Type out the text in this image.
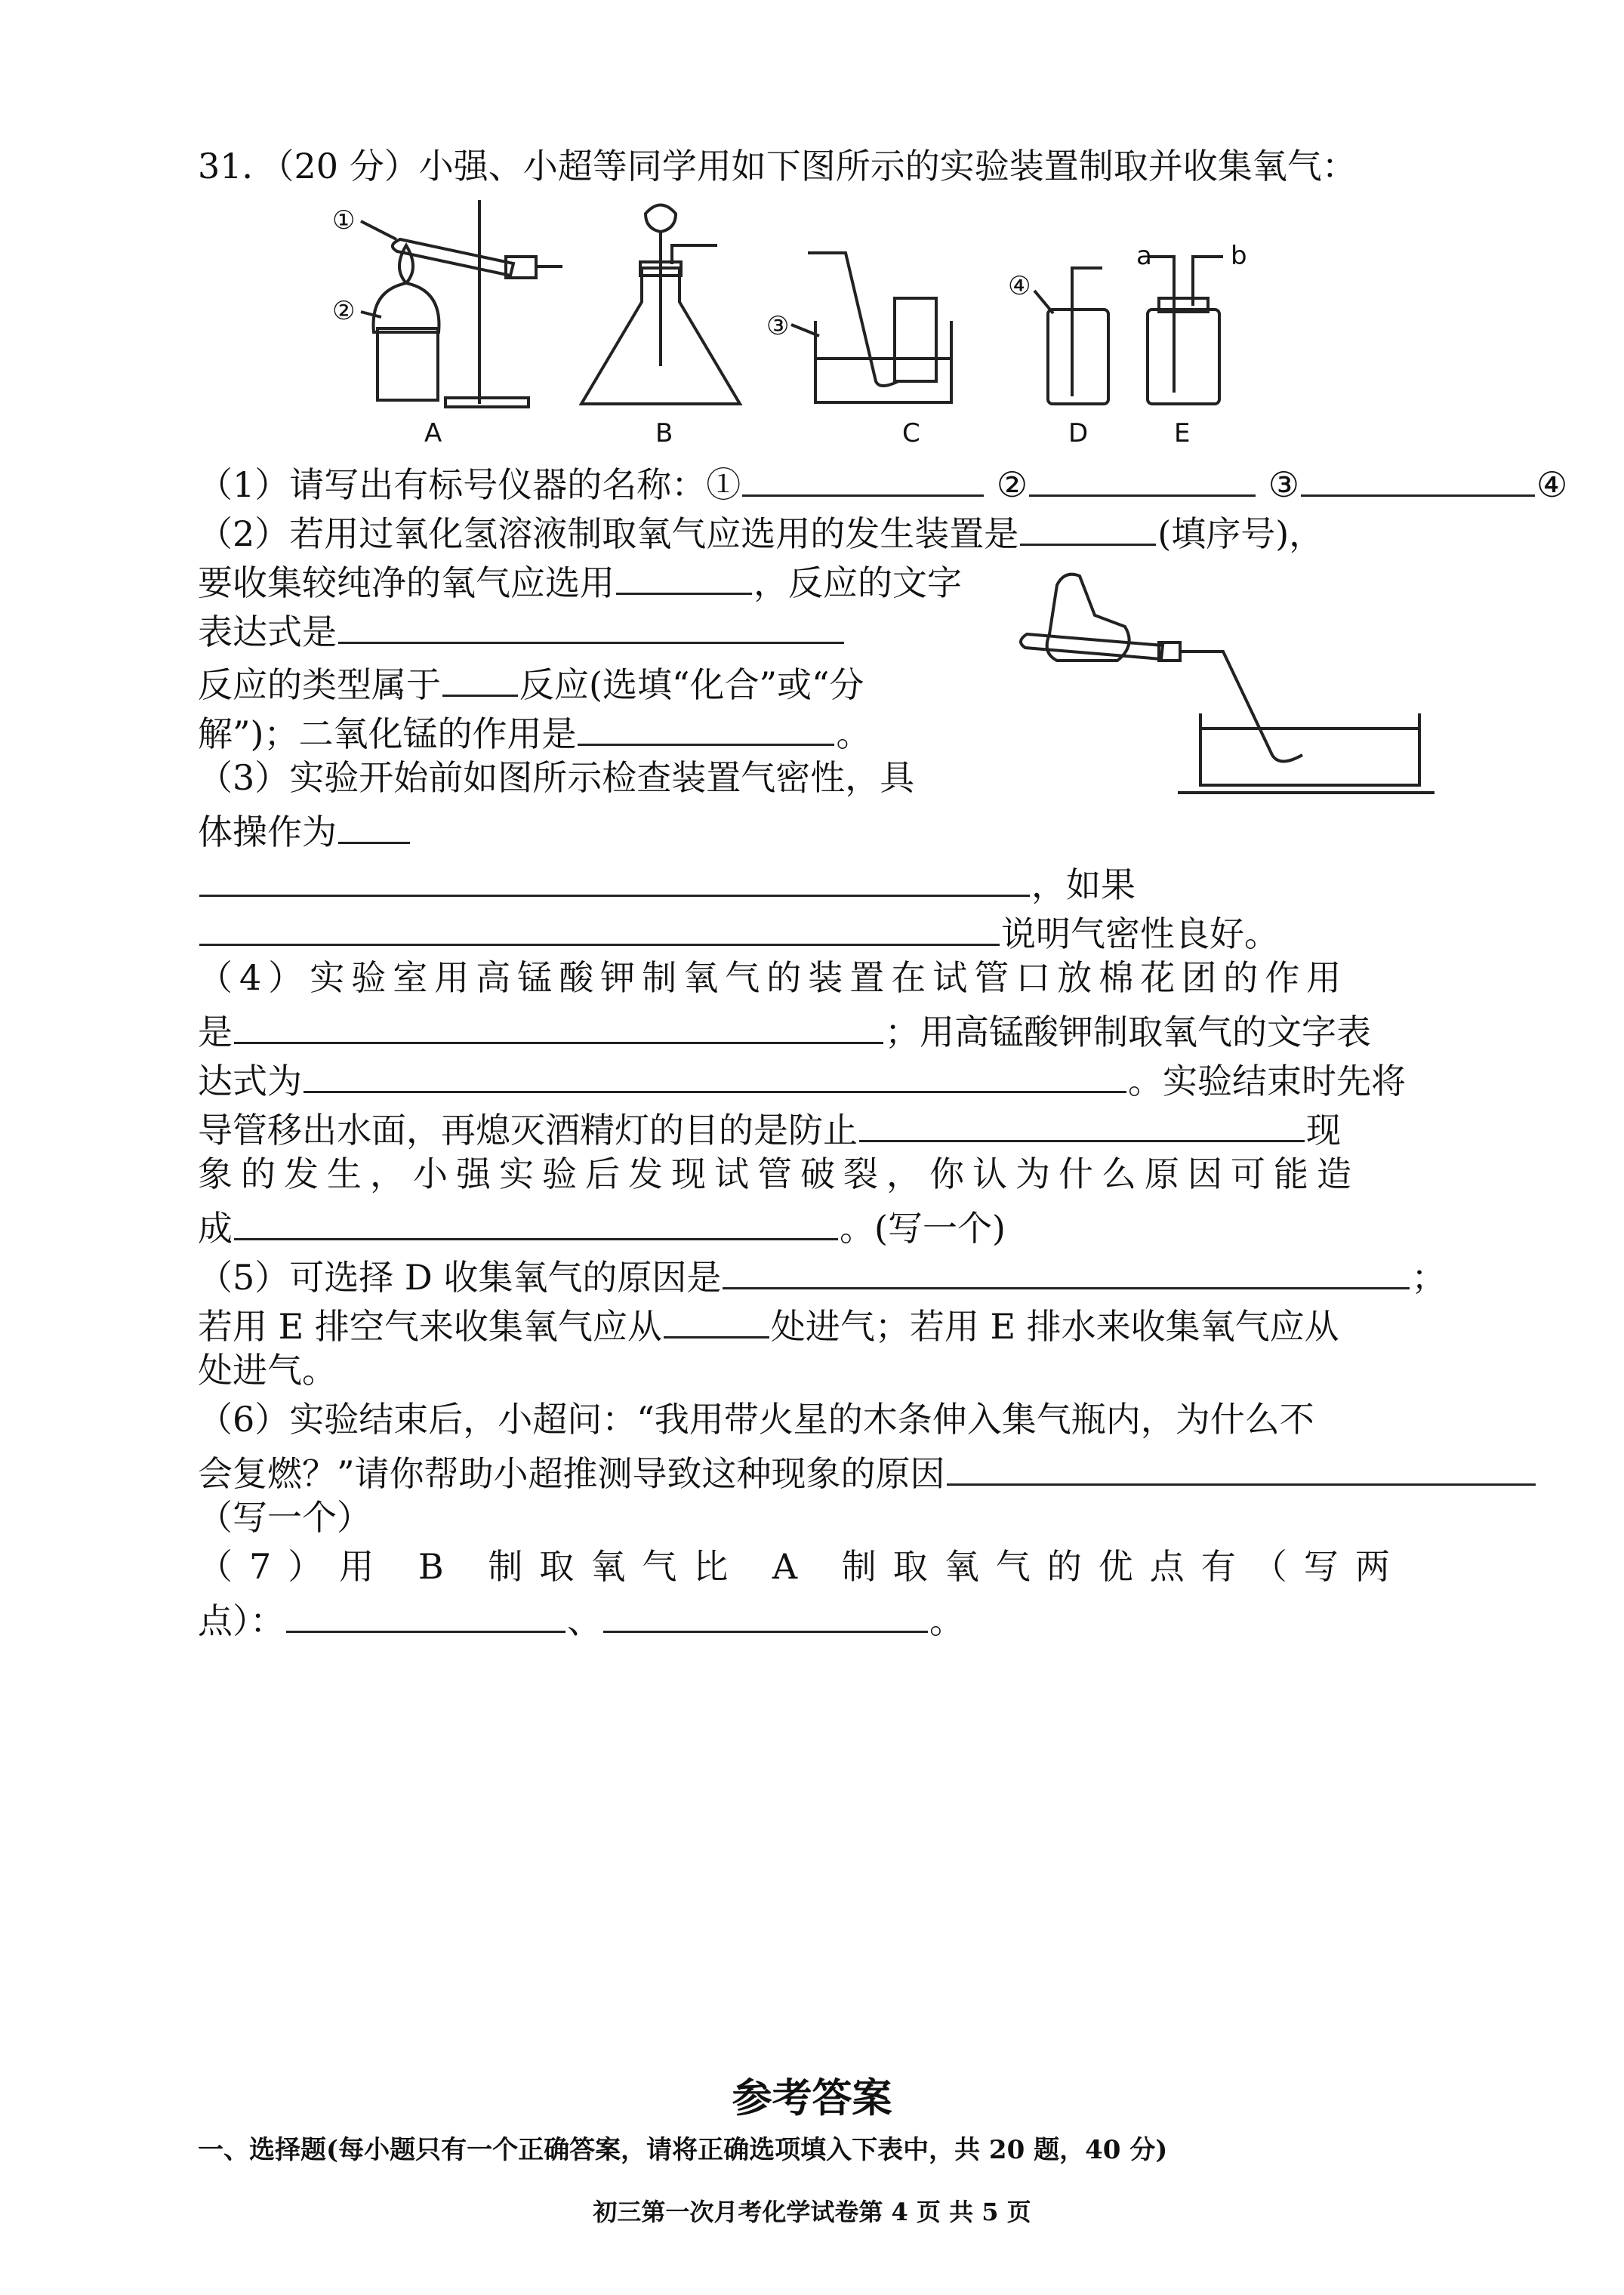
31．（20 分）小强、小超等同学用如下图所示的实验装置制取并收集氧气：
①
②	③
④
a	b
A	B	C	D	E
（1）请写出有标号仪器的名称：①	②	③	④
（2）若用过氧化氢溶液制取氧气应选用的发生装置是	(填序号)，
要收集较纯净的氧气应选用	，反应的文字
表达式是
反应的类型属于 反应(选填“化合”或“分
解”)；二氧化锰的作用是	。
（3）实验开始前如图所示检查装置气密性，具
体操作为
，如果
说明气密性良好。
（4）实验室用高锰酸钾制氧气的装置在试管口放棉花团的作用
是	；用高锰酸钾制取氧气的文字表
达式为	。实验结束时先将
导管移出水面，再熄灭酒精灯的目的是防止	现
象的发生，小强实验后发现试管破裂，你认为什么原因可能造
成	。(写一个)
（5）可选择 D 收集氧气的原因是	；
若用 E 排空气来收集氧气应从	处进气；若用 E 排水来收集氧气应从
处进气。
（6）实验结束后，小超问：“我用带火星的木条伸入集气瓶内，为什么不
会复燃？”请你帮助小超推测导致这种现象的原因
（写一个）
（7）用 B 制取氧气比 A 制取氧气的优点有（写两
点）：	、	。
参考答案
一、选择题(每小题只有一个正确答案，请将正确选项填入下表中，共 20 题，40 分)
初三第一次月考化学试卷第 4 页 共 5 页
